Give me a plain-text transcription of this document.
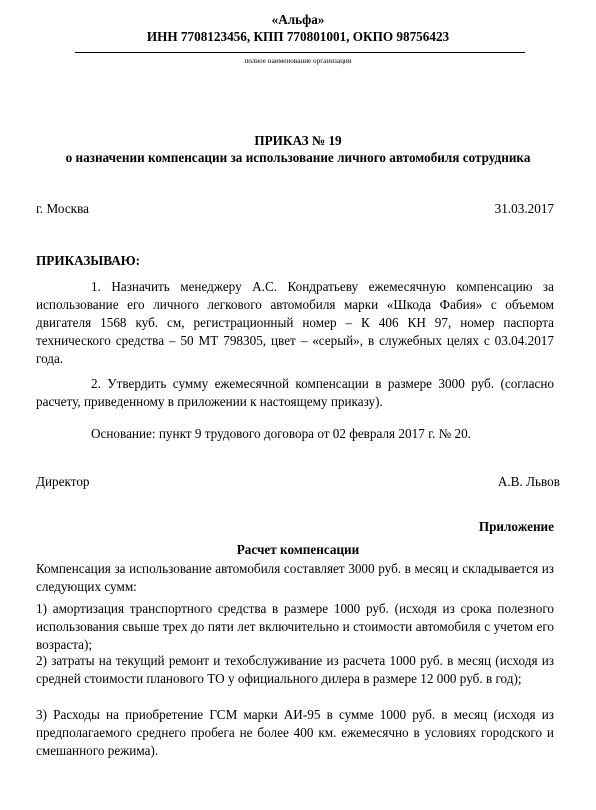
«Альфа»
ИНН 7708123456, КПП 770801001, ОКПО 98756423
полное наименование организации
ПРИКАЗ № 19
о назначении компенсации за использование личного автомобиля сотрудника
г. Москва	31.03.2017
ПРИКАЗЫВАЮ:
1. Назначить менеджеру А.С. Кондратьеву ежемесячную компенсацию за использование его личного легкового автомобиля марки «Шкода Фабия» с объемом двигателя 1568 куб. см, регистрационный номер – К 406 КН 97, номер паспорта технического средства – 50 МТ 798305, цвет – «серый», в служебных целях с 03.04.2017 года.
2. Утвердить сумму ежемесячной компенсации в размере 3000 руб. (согласно расчету, приведенному в приложении к настоящему приказу).
Основание: пункт 9 трудового договора от 02 февраля 2017 г. № 20.
Директор	А.В. Львов
Приложение
Расчет компенсации
Компенсация за использование автомобиля составляет 3000 руб. в месяц и складывается из следующих сумм:
1) амортизация транспортного средства в размере 1000 руб. (исходя из срока полезного использования свыше трех до пяти лет включительно и стоимости автомобиля с учетом его возраста);
2) затраты на текущий ремонт и техобслуживание из расчета 1000 руб. в месяц (исходя из средней стоимости планового ТО у официального дилера в размере 12 000 руб. в год);
3) Расходы на приобретение ГСМ марки АИ-95 в сумме 1000 руб. в месяц (исходя из предполагаемого среднего пробега не более 400 км. ежемесячно в условиях городского и смешанного режима).
